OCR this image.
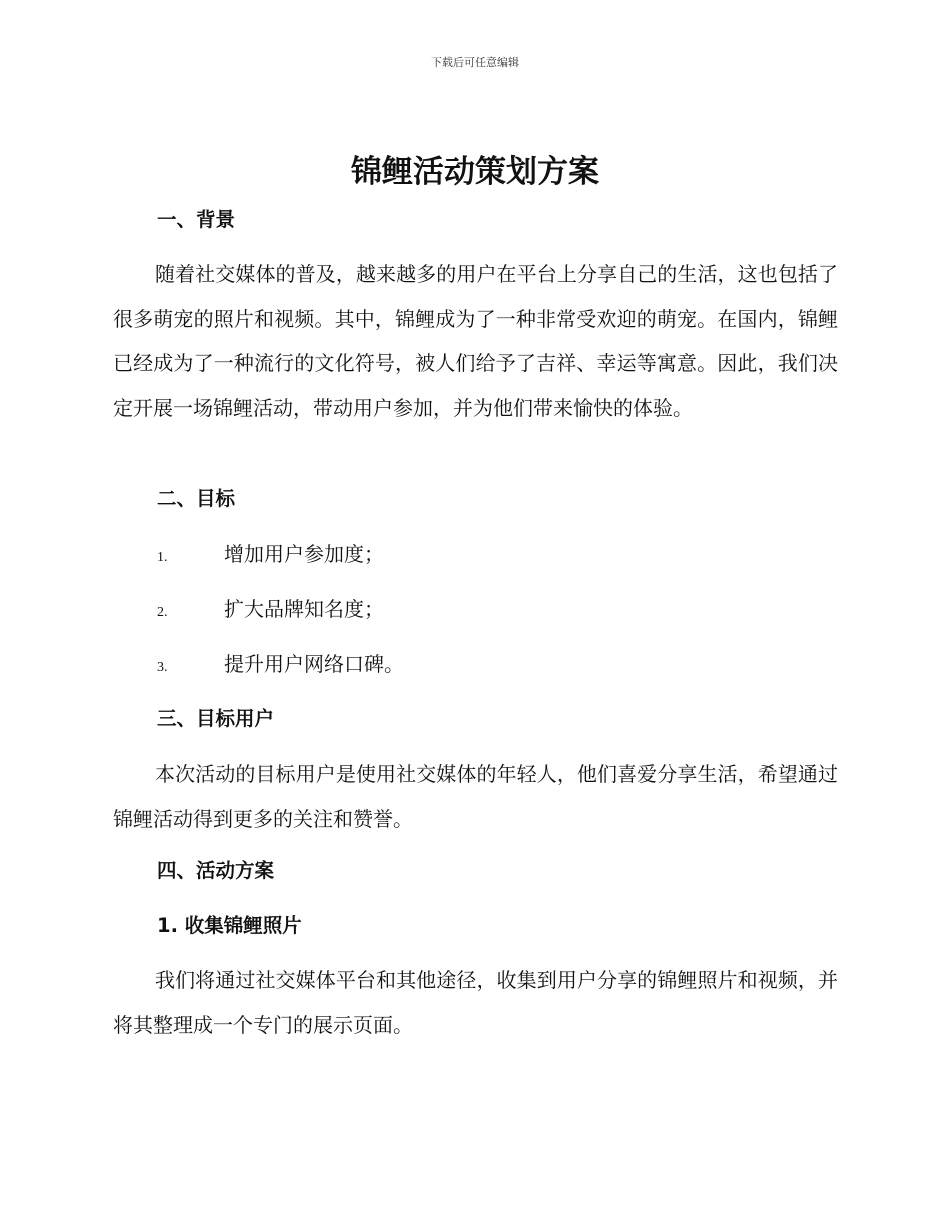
下载后可任意编辑
锦鲤活动策划方案
一、背景

随着社交媒体的普及，越来越多的用户在平台上分享自己的生活，这也包括了很多萌宠的照片和视频。其中，锦鲤成为了一种非常受欢迎的萌宠。在国内，锦鲤已经成为了一种流行的文化符号，被人们给予了吉祥、幸运等寓意。因此，我们决定开展一场锦鲤活动，带动用户参加，并为他们带来愉快的体验。

二、目标
1.	增加用户参加度；
2.	扩大品牌知名度；
3.	提升用户网络口碑。
三、目标用户

本次活动的目标用户是使用社交媒体的年轻人，他们喜爱分享生活，希望通过锦鲤活动得到更多的关注和赞誉。

四、活动方案
1. 收集锦鲤照片

我们将通过社交媒体平台和其他途径，收集到用户分享的锦鲤照片和视频，并将其整理成一个专门的展示页面。
